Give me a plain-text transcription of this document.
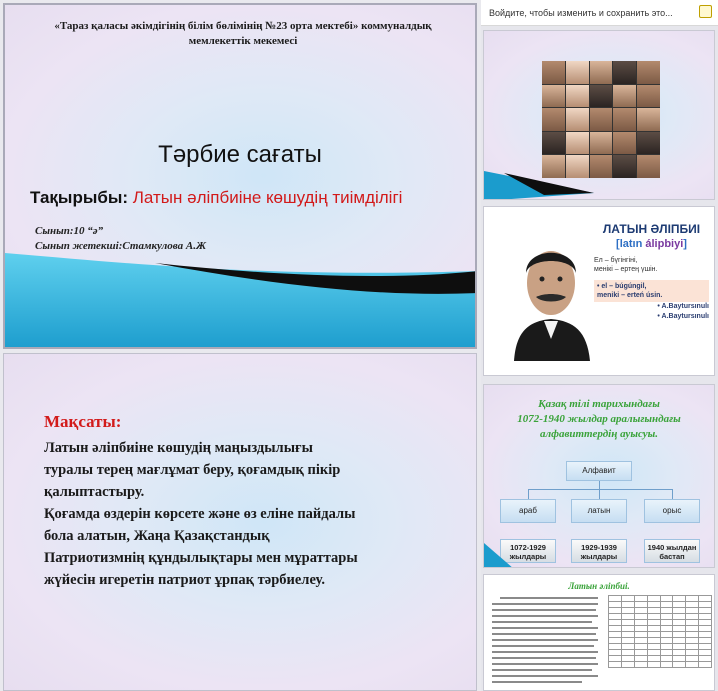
«Тараз қаласы әкімдігінің білім бөлімінің №23 орта мектебі» коммуналдық мемлекеттік мекемесі
Тәрбие сағаты
Тақырыбы: Латын әліпбиіне көшудің тиімділігі
Сынып:10 “ә”
Сынып жетекшi:Стамкулова А.Ж
Мақсаты:
Латын әліпбиіне көшудің маңыздылығы
туралы терең мағлұмат беру, қоғамдық пікір
қалыптастыру.
Қоғамда өздерін көрсете және өз еліне пайдалы
бола алатын, Жаңа Қазақстандық
Патриотизмнің құндылықтары мен мұраттары
жүйесін игеретін патриот ұрпақ тәрбиелеу.
Войдите, чтобы изменить и сохранить это...
ЛАТЫН ӘЛІПБИІ
[latın álipbiyi]
Ел – бүгінгіні,
менікі – ертең үшін.
• el – búgúngil,
meniki – erteń úsin.
• A.Baytursınulı
• A.Baytursınulı
Қазақ тілі тарихындағы
1072-1940 жылдар аралығындағы
алфавиттердің ауысуы.
Алфавит
араб	латын	орыс
1072-1929 жылдары
1929-1939 жылдары
1940 жылдан бастап
Латын әліпбиі.
